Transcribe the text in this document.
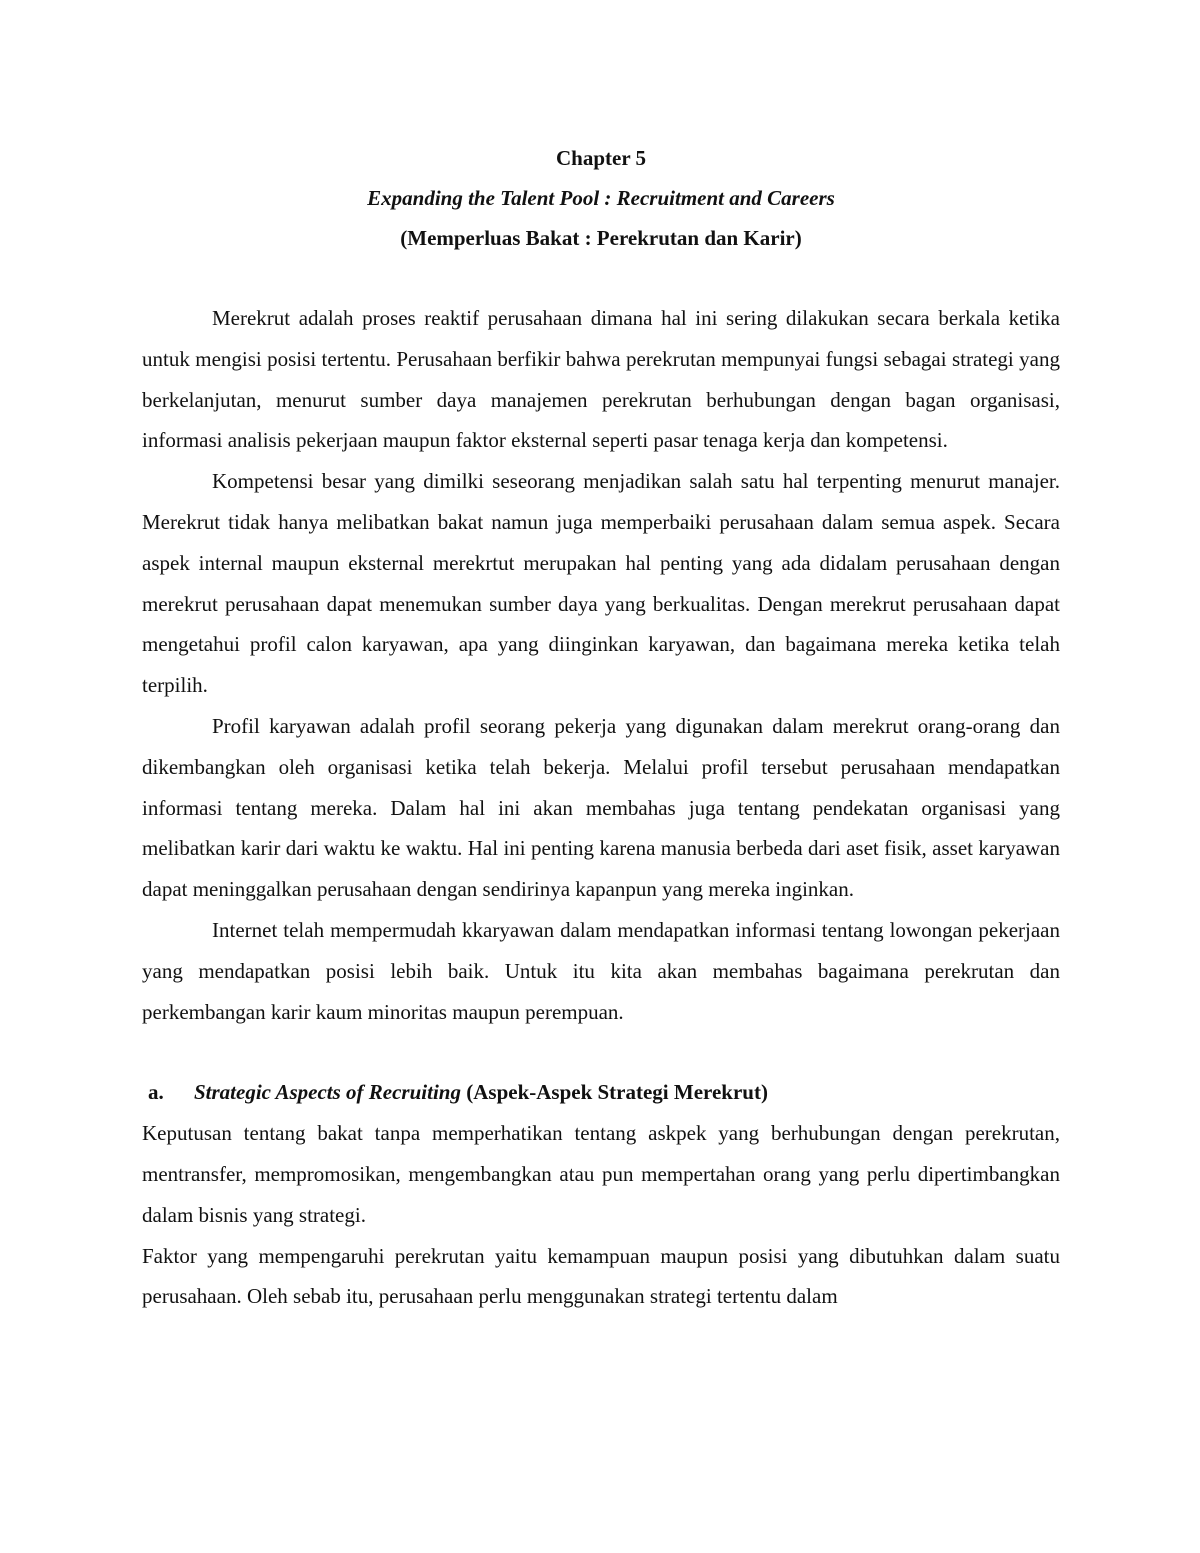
Chapter 5
Expanding the Talent Pool : Recruitment and Careers
(Memperluas Bakat : Perekrutan dan Karir)

Merekrut adalah proses reaktif perusahaan dimana hal ini sering dilakukan secara berkala ketika untuk mengisi posisi tertentu. Perusahaan berfikir bahwa perekrutan mempunyai fungsi sebagai strategi yang berkelanjutan, menurut sumber daya manajemen perekrutan berhubungan dengan bagan organisasi, informasi analisis pekerjaan maupun faktor eksternal seperti pasar tenaga kerja dan kompetensi.

Kompetensi besar yang dimilki seseorang menjadikan salah satu hal terpenting menurut manajer. Merekrut tidak hanya melibatkan bakat namun juga memperbaiki perusahaan dalam semua aspek. Secara aspek internal maupun eksternal merekrtut merupakan hal penting yang ada didalam perusahaan dengan merekrut perusahaan dapat menemukan sumber daya yang berkualitas. Dengan merekrut perusahaan dapat mengetahui profil calon karyawan, apa yang diinginkan karyawan, dan bagaimana mereka ketika telah terpilih.

Profil karyawan adalah profil seorang pekerja yang digunakan dalam merekrut orang-orang dan dikembangkan oleh organisasi ketika telah bekerja. Melalui profil tersebut perusahaan mendapatkan informasi tentang mereka. Dalam hal ini akan membahas juga tentang pendekatan organisasi yang melibatkan karir dari waktu ke waktu. Hal ini penting karena manusia berbeda dari aset fisik, asset karyawan dapat meninggalkan perusahaan dengan sendirinya kapanpun yang mereka inginkan.

Internet telah mempermudah kkaryawan dalam mendapatkan informasi tentang lowongan pekerjaan yang mendapatkan posisi lebih baik. Untuk itu kita akan membahas bagaimana perekrutan dan perkembangan karir kaum minoritas maupun perempuan.

a. Strategic Aspects of Recruiting (Aspek-Aspek Strategi Merekrut)

Keputusan tentang bakat tanpa memperhatikan tentang askpek yang berhubungan dengan perekrutan, mentransfer, mempromosikan, mengembangkan atau pun mempertahan orang yang perlu dipertimbangkan dalam bisnis yang strategi.

Faktor yang mempengaruhi perekrutan yaitu kemampuan maupun posisi yang dibutuhkan dalam suatu perusahaan. Oleh sebab itu, perusahaan perlu menggunakan strategi tertentu dalam
